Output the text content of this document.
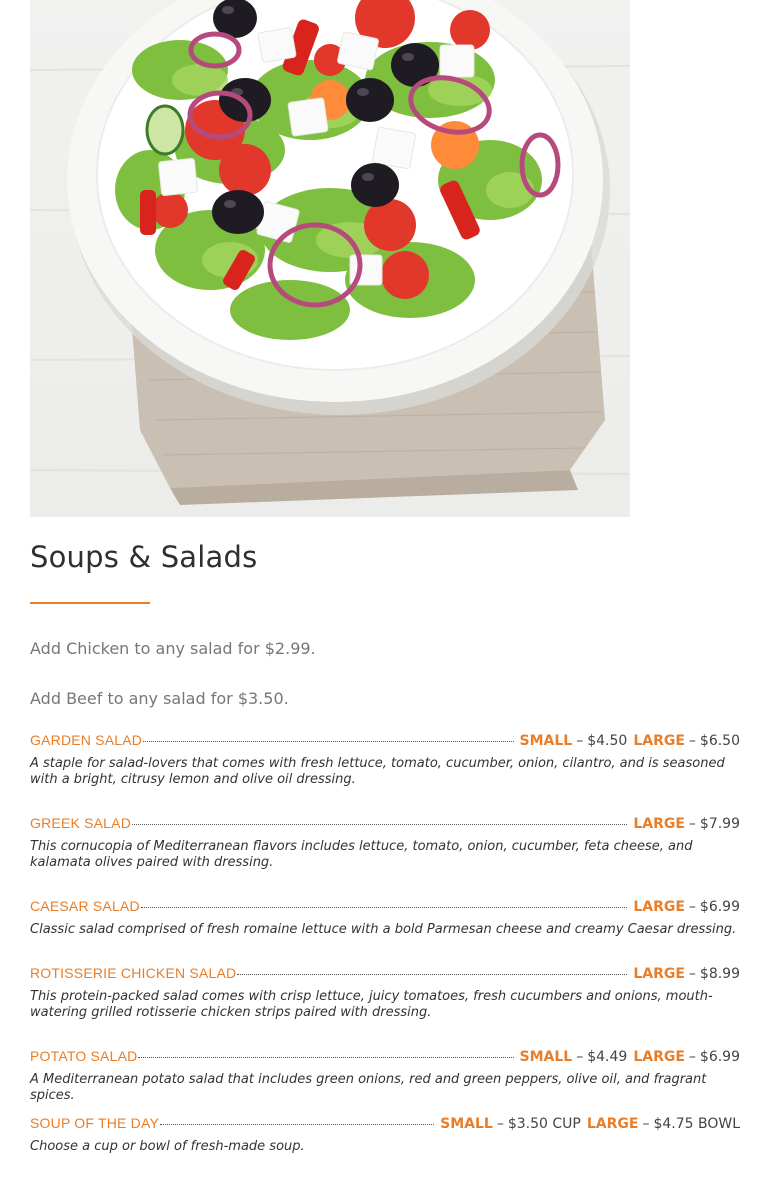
Soups & Salads

Add Chicken to any salad for $2.99.

Add Beef to any salad for $3.50.

GARDEN SALAD	SMALL – $4.50 LARGE – $6.50

A staple for salad-lovers that comes with fresh lettuce, tomato, cucumber, onion, cilantro, and is seasoned with a bright, citrusy lemon and olive oil dressing.

GREEK SALAD	LARGE – $7.99

This cornucopia of Mediterranean flavors includes lettuce, tomato, onion, cucumber, feta cheese, and kalamata olives paired with dressing.

CAESAR SALAD	LARGE – $6.99

Classic salad comprised of fresh romaine lettuce with a bold Parmesan cheese and creamy Caesar dressing.

ROTISSERIE CHICKEN SALAD	LARGE – $8.99

This protein-packed salad comes with crisp lettuce, juicy tomatoes, fresh cucumbers and onions, mouth-watering grilled rotisserie chicken strips paired with dressing.

POTATO SALAD	SMALL – $4.49 LARGE – $6.99

A Mediterranean potato salad that includes green onions, red and green peppers, olive oil, and fragrant spices.

SOUP OF THE DAY	SMALL – $3.50 CUP LARGE – $4.75 BOWL

Choose a cup or bowl of fresh-made soup.
